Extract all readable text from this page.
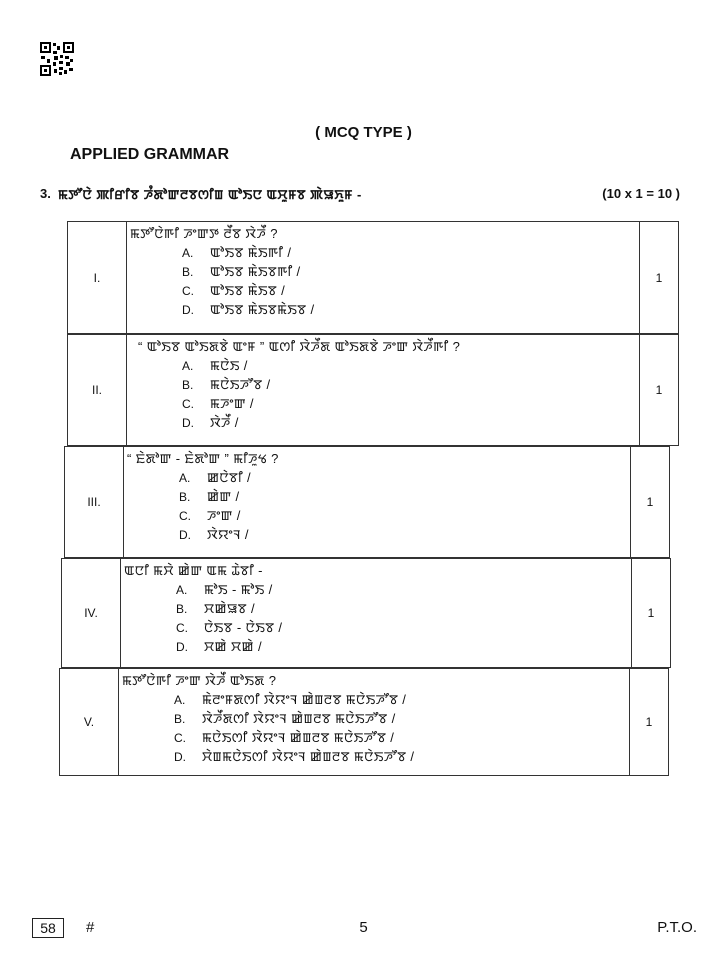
( MCQ TYPE )
APPLIED GRAMMAR
3. ꯃꯇꯧꯅꯥ ꯄꯤꯔꯤꯕ ꯍꯪꯗꯣꯛꯂꯕꯁꯤꯡ ꯑꯣꯏꯅ ꯑꯆꯨꯝꯕ ꯄꯥꯎꯈꯨꯝ -	(10 x 1 = 10 )
I.
ꯃꯇꯧꯅꯥꯒꯤ ꯍꯦꯛꯇ ꯂꯩꯕ ꯋꯥꯍꯩ ?
A. ꯑꯣꯏꯕ ꯃꯥꯏꯒꯤ /
B. ꯑꯣꯏꯕ ꯃꯥꯏꯕꯒꯤ /
C. ꯑꯣꯏꯕ ꯃꯥꯏꯕ /
D. ꯑꯣꯏꯕ ꯃꯥꯏꯕꯃꯥꯏꯕ /
1
II.
“ ꯑꯣꯏꯕ ꯑꯣꯏꯗꯕꯥ ꯑꯦꯝ ” ꯑꯁꯤ ꯋꯥꯍꯩꯗ ꯑꯣꯏꯗꯕꯥ ꯍꯦꯛ ꯋꯥꯍꯩꯒꯤ ?
A. ꯃꯅꯥꯏ /
B. ꯃꯅꯥꯏꯍꯧꯕ /
C. ꯃꯍꯦꯛ /
D. ꯋꯥꯍꯩ /
1
III.
“ ꯐꯥꯗꯣꯛ - ꯐꯥꯗꯣꯛ ” ꯃꯤꯍꯨꯠ ?
A. ꯀꯅꯥꯕꯤ /
B. ꯀꯥꯛ /
C. ꯍꯦꯛ /
D. ꯋꯥꯌꯦꯜ /
1
IV.
ꯑꯅꯤ ꯃꯆꯥ ꯀꯥꯛ ꯑꯃ ꯊꯥꯕꯤ -
A. ꯃꯣꯏ - ꯃꯣꯏ /
B. ꯆꯀꯥꯎꯕ /
C. ꯅꯥꯏꯕ - ꯅꯥꯏꯕ /
D. ꯆꯀꯥ ꯆꯀꯥ /
1
V.
ꯃꯇꯧꯅꯥꯒꯤ ꯍꯦꯛ ꯋꯥꯍꯩ ꯑꯣꯏꯗ ?
A. ꯃꯥꯂꯦꯝꯗꯁꯤ ꯋꯥꯌꯦꯜ ꯀꯥꯡꯂꯕ ꯃꯅꯥꯏꯍꯧꯕ /
B. ꯋꯥꯍꯩꯗꯁꯤ ꯋꯥꯌꯦꯜ ꯀꯥꯡꯂꯕ ꯃꯅꯥꯏꯍꯧꯕ /
C. ꯃꯅꯥꯏꯁꯤ ꯋꯥꯌꯦꯜ ꯀꯥꯡꯂꯕ ꯃꯅꯥꯏꯍꯧꯕ /
D. ꯆꯥꯡꯃꯅꯥꯏꯁꯤ ꯋꯥꯌꯦꯜ ꯀꯥꯡꯂꯕ ꯃꯅꯥꯏꯍꯧꯕ /
1
58	#	5	P.T.O.
